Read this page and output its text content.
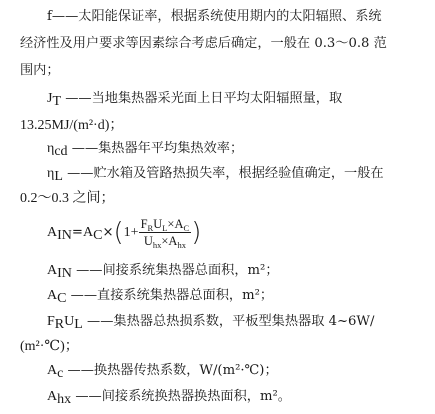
f——太阳能保证率，根据系统使用期内的太阳辐照、系统
经济性及用户要求等因素综合考虑后确定，一般在 0.3～0.8 范
围内；
$J_T$ ——当地集热器采光面上日平均太阳辐照量，取
13.25MJ/(m²·d)；
$\eta_{cd}$ ——集热器年平均集热效率；
$\eta_L$ ——贮水箱及管路热损失率，根据经验值确定，一般在
0.2～0.3 之间；
$A_{IN}=A_C\times(1+ \frac{F_RU_L\times A_C}{U_{hx}\times A_{hx}}$ )
$A_{IN}$ ——间接系统集热器总面积，m²；
$A_C$ ——直接系统集热器总面积，m²；
$F_RU_L$ ——集热器总热损系数，平板型集热器取 4~6W/
(m²·℃)；
$A_c$ ——换热器传热系数，W/(m²·℃)；
$A_{hx}$ ——间接系统换热器换热面积，m²。
